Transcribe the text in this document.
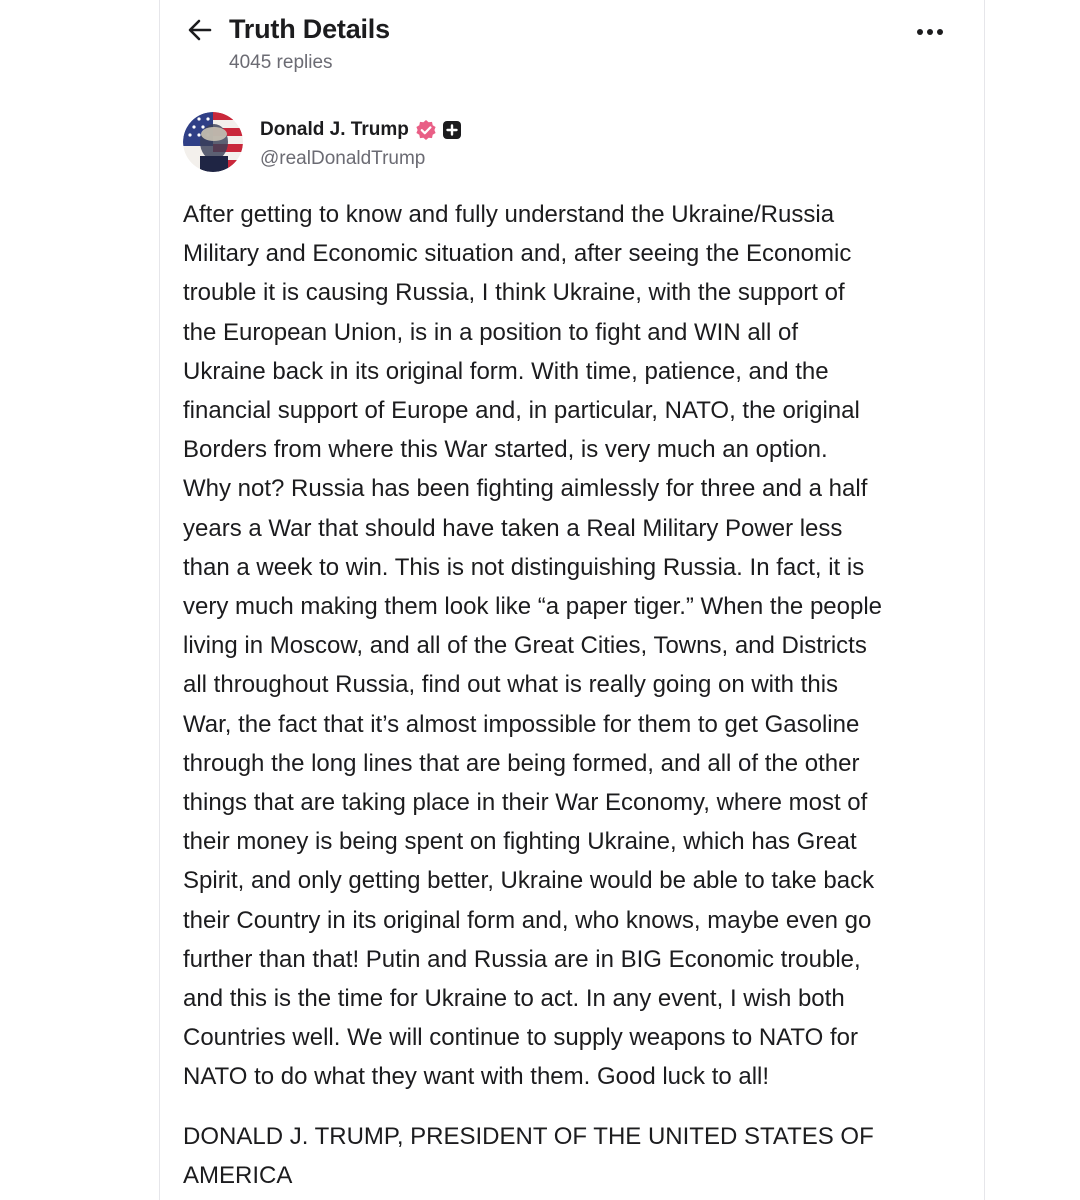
Truth Details
4045 replies
Donald J. Trump
@realDonaldTrump
After getting to know and fully understand the Ukraine/Russia
Military and Economic situation and, after seeing the Economic
trouble it is causing Russia, I think Ukraine, with the support of
the European Union, is in a position to fight and WIN all of
Ukraine back in its original form. With time, patience, and the
financial support of Europe and, in particular, NATO, the original
Borders from where this War started, is very much an option.
Why not? Russia has been fighting aimlessly for three and a half
years a War that should have taken a Real Military Power less
than a week to win. This is not distinguishing Russia. In fact, it is
very much making them look like “a paper tiger.” When the people
living in Moscow, and all of the Great Cities, Towns, and Districts
all throughout Russia, find out what is really going on with this
War, the fact that it’s almost impossible for them to get Gasoline
through the long lines that are being formed, and all of the other
things that are taking place in their War Economy, where most of
their money is being spent on fighting Ukraine, which has Great
Spirit, and only getting better, Ukraine would be able to take back
their Country in its original form and, who knows, maybe even go
further than that! Putin and Russia are in BIG Economic trouble,
and this is the time for Ukraine to act. In any event, I wish both
Countries well. We will continue to supply weapons to NATO for
NATO to do what they want with them. Good luck to all!
DONALD J. TRUMP, PRESIDENT OF THE UNITED STATES OF AMERICA
